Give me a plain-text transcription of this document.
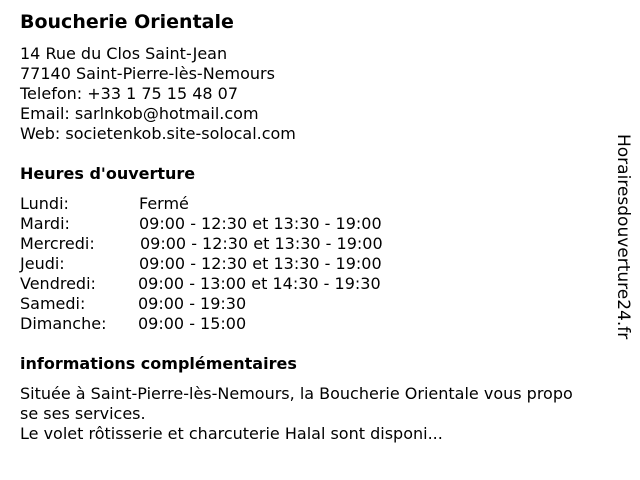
Boucherie Orientale
14 Rue du Clos Saint-Jean
77140 Saint-Pierre-lès-Nemours
Telefon: +33 1 75 15 48 07
Email: sarlnkob@hotmail.com
Web: societenkob.site-solocal.com
Heures d'ouverture
Lundi:	Fermé
Mardi:	09:00 - 12:30 et 13:30 - 19:00
Mercredi:	09:00 - 12:30 et 13:30 - 19:00
Jeudi:	09:00 - 12:30 et 13:30 - 19:00
Vendredi:	09:00 - 13:00 et 14:30 - 19:30
Samedi:	09:00 - 19:30
Dimanche: 09:00 - 15:00
informations complémentaires
Située à Saint-Pierre-lès-Nemours, la Boucherie Orientale vous propo
se ses services.
Le volet rôtisserie et charcuterie Halal sont disponi...
Horairesdouverture24.fr
